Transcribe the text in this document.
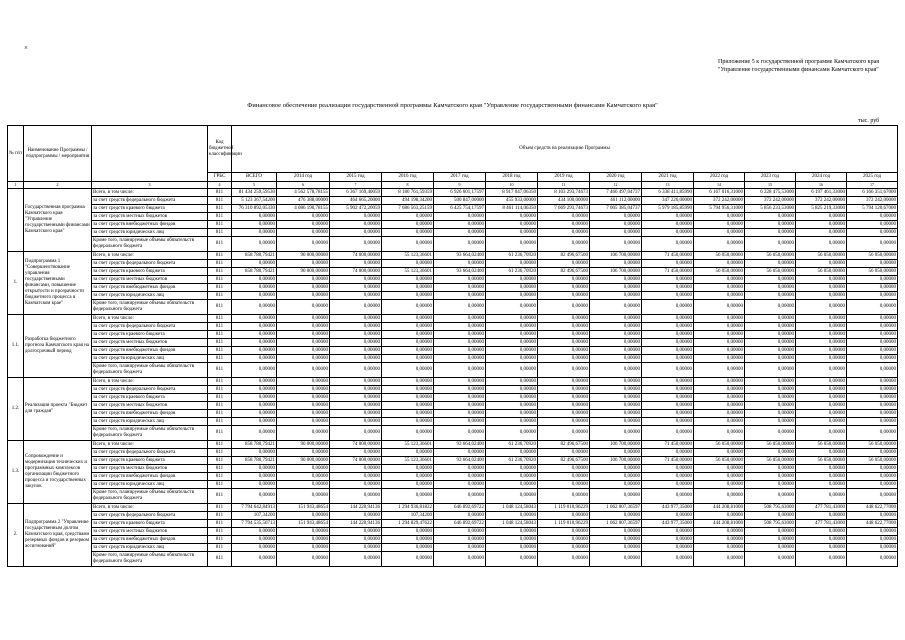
×
Приложение 5 к государственной программе Камчатского края "Управление государственными финансами Камчатского края"
Финансовое обеспечение реализации государственной программы Камчатского края "Управление государственными финансами Камчатского края"
тыс. руб
№ п/п	Наименование Программы / подпрограммы / мероприятия		Код бюджетной классификации	Объем средств на реализацию Программы												
			ГРБС	ВСЕГО	2014 год	2015 год	2016 год	2017 год	2018 год	2019 год	2020 год	2021 год	2022 год	2023 год	2024 год	2025 год
1	2	3	4	5	6	7	8	9	10	11	12	13	14	15	16	17
	Государственная программа Камчатского края "Управление государственными финансами Камчатского края"	Всего, в том числе:	811	81 434 259,59530	4 562 578,78155	6 367 169,40059	8 180 761,59359	6 926 601,17597	8 917 047,06350	8 103 293,74673	7 466 497,04737	6 338 411,85990	6 167 016,31000	6 228 475,53000	6 197 461,33000	6 166 351,67000
		за счет средств федерального бюджета	811	5 123 367,54200	476 388,00000	464 665,20000	494 198,34200	500 847,00000	455 933,00000	434 100,00000	461 112,00000	347 226,00000	372 242,00000	372 242,00000	372 242,00000	372 242,00000
		за счет средств краевого бюджета	811	76 310 892,05330	4 086 190,78155	5 902 472,20059	7 686 563,25159	6 425 754,17597	8 461 114,06350	7 669 293,74673	7 005 385,04737	5 979 185,85990	5 794 956,31000	5 856 233,53000	5 825 219,33000	5 794 120,67000
		за счет средств местных бюджетов	811	0,00000	0,00000	0,00000	0,00000	0,00000	0,00000	0,00000	0,00000	0,00000	0,00000	0,00000	0,00000	0,00000
		за счет средств внебюджетных фондов	811	0,00000	0,00000	0,00000	0,00000	0,00000	0,00000	0,00000	0,00000	0,00000	0,00000	0,00000	0,00000	0,00000
		за счет средств юридических лиц	811	0,00000	0,00000	0,00000	0,00000	0,00000	0,00000	0,00000	0,00000	0,00000	0,00000	0,00000	0,00000	0,00000
		Кроме того, планируемые объемы обязательств федерального бюджета	811	0,00000	0,00000	0,00000	0,00000	0,00000	0,00000	0,00000	0,00000	0,00000	0,00000	0,00000	0,00000	0,00000
1.	Подпрограмма 1 "Совершенствование управления государственными финансами, повышение открытости и прозрачности бюджетного процесса в Камчатском крае"	Всего, в том числе:	811	858 780,79421	90 000,00000	74 000,00000	55 123,36601	93 664,02400	61 236,70920	82 496,67500	106 700,00000	71 450,00000	56 050,00000	56 050,00000	56 050,00000	56 050,00000
		за счет средств федерального бюджета	811	0,00000	0,00000	0,00000	0,00000	0,00000	0,00000	0,00000	0,00000	0,00000	0,00000	0,00000	0,00000	0,00000
		за счет средств краевого бюджета	811	858 780,79421	90 000,00000	74 000,00000	55 123,36601	93 664,02400	61 236,70920	82 496,67500	106 700,00000	71 450,00000	56 050,00000	56 050,00000	56 050,00000	56 050,00000
		за счет средств местных бюджетов	811	0,00000	0,00000	0,00000	0,00000	0,00000	0,00000	0,00000	0,00000	0,00000	0,00000	0,00000	0,00000	0,00000
		за счет средств внебюджетных фондов	811	0,00000	0,00000	0,00000	0,00000	0,00000	0,00000	0,00000	0,00000	0,00000	0,00000	0,00000	0,00000	0,00000
		за счет средств юридических лиц	811	0,00000	0,00000	0,00000	0,00000	0,00000	0,00000	0,00000	0,00000	0,00000	0,00000	0,00000	0,00000	0,00000
		Кроме того, планируемые объемы обязательств федерального бюджета	811	0,00000	0,00000	0,00000	0,00000	0,00000	0,00000	0,00000	0,00000	0,00000	0,00000	0,00000	0,00000	0,00000
1.1.	Разработка бюджетного прогноза Камчатского края на долгосрочный период	Всего, в том числе:	811	0,00000	0,00000	0,00000	0,00000	0,00000	0,00000	0,00000	0,00000	0,00000	0,00000	0,00000	0,00000	0,00000
		за счет средств федерального бюджета	811	0,00000	0,00000	0,00000	0,00000	0,00000	0,00000	0,00000	0,00000	0,00000	0,00000	0,00000	0,00000	0,00000
		за счет средств краевого бюджета	811	0,00000	0,00000	0,00000	0,00000	0,00000	0,00000	0,00000	0,00000	0,00000	0,00000	0,00000	0,00000	0,00000
		за счет средств местных бюджетов	811	0,00000	0,00000	0,00000	0,00000	0,00000	0,00000	0,00000	0,00000	0,00000	0,00000	0,00000	0,00000	0,00000
		за счет средств внебюджетных фондов	811	0,00000	0,00000	0,00000	0,00000	0,00000	0,00000	0,00000	0,00000	0,00000	0,00000	0,00000	0,00000	0,00000
		за счет средств юридических лиц	811	0,00000	0,00000	0,00000	0,00000	0,00000	0,00000	0,00000	0,00000	0,00000	0,00000	0,00000	0,00000	0,00000
		Кроме того, планируемые объемы обязательств федерального бюджета	811	0,00000	0,00000	0,00000	0,00000	0,00000	0,00000	0,00000	0,00000	0,00000	0,00000	0,00000	0,00000	0,00000
1.2.	Реализация проекта "Бюджет для граждан"	Всего, в том числе:	811	0,00000	0,00000	0,00000	0,00000	0,00000	0,00000	0,00000	0,00000	0,00000	0,00000	0,00000	0,00000	0,00000
		за счет средств федерального бюджета	811	0,00000	0,00000	0,00000	0,00000	0,00000	0,00000	0,00000	0,00000	0,00000	0,00000	0,00000	0,00000	0,00000
		за счет средств краевого бюджета	811	0,00000	0,00000	0,00000	0,00000	0,00000	0,00000	0,00000	0,00000	0,00000	0,00000	0,00000	0,00000	0,00000
		за счет средств местных бюджетов	811	0,00000	0,00000	0,00000	0,00000	0,00000	0,00000	0,00000	0,00000	0,00000	0,00000	0,00000	0,00000	0,00000
		за счет средств внебюджетных фондов	811	0,00000	0,00000	0,00000	0,00000	0,00000	0,00000	0,00000	0,00000	0,00000	0,00000	0,00000	0,00000	0,00000
		за счет средств юридических лиц	811	0,00000	0,00000	0,00000	0,00000	0,00000	0,00000	0,00000	0,00000	0,00000	0,00000	0,00000	0,00000	0,00000
		Кроме того, планируемые объемы обязательств федерального бюджета	811	0,00000	0,00000	0,00000	0,00000	0,00000	0,00000	0,00000	0,00000	0,00000	0,00000	0,00000	0,00000	0,00000
1.3.	Сопровождение и модернизация технических и программных комплексов организации бюджетного процесса и государственных закупок	Всего, в том числе:	811	858 780,79421	90 000,00000	74 000,00000	55 123,36601	93 664,02400	61 236,70920	82 496,67500	106 700,00000	71 450,00000	56 050,00000	56 050,00000	56 050,00000	56 050,00000
		за счет средств федерального бюджета	811	0,00000	0,00000	0,00000	0,00000	0,00000	0,00000	0,00000	0,00000	0,00000	0,00000	0,00000	0,00000	0,00000
		за счет средств краевого бюджета	811	858 780,79421	90 000,00000	74 000,00000	55 123,36601	93 664,02400	61 236,70920	82 496,67500	106 700,00000	71 450,00000	56 050,00000	56 050,00000	56 050,00000	56 050,00000
		за счет средств местных бюджетов	811	0,00000	0,00000	0,00000	0,00000	0,00000	0,00000	0,00000	0,00000	0,00000	0,00000	0,00000	0,00000	0,00000
		за счет средств внебюджетных фондов	811	0,00000	0,00000	0,00000	0,00000	0,00000	0,00000	0,00000	0,00000	0,00000	0,00000	0,00000	0,00000	0,00000
		за счет средств юридических лиц	811	0,00000	0,00000	0,00000	0,00000	0,00000	0,00000	0,00000	0,00000	0,00000	0,00000	0,00000	0,00000	0,00000
		Кроме того, планируемые объемы обязательств федерального бюджета	811	0,00000	0,00000	0,00000	0,00000	0,00000	0,00000	0,00000	0,00000	0,00000	0,00000	0,00000	0,00000	0,00000
2.	Подпрограмма 2 "Управление государственным долгом Камчатского края, средствами резервных фондов и резервом ассигнований"	Всего, в том числе:	811	7 794 642,84913	151 943,48654	144 220,94136	1 294 936,81822	646 892,69722	1 048 124,58043	1 119 010,96229	1 062 007,36597	443 977,35000	444 208,81000	508 795,63000	477 781,43000	448 622,77000
		за счет средств федерального бюджета	811	107,34200	0,00000	0,00000	107,34200	0,00000	0,00000	0,00000	0,00000	0,00000	0,00000	0,00000	0,00000	0,00000
		за счет средств краевого бюджета	811	7 794 535,50713	151 943,48654	144 220,94136	1 294 829,47622	646 892,69722	1 048 124,58043	1 119 010,96229	1 062 007,36597	443 977,35000	444 208,81000	508 795,63000	477 781,43000	448 622,77000
		за счет средств местных бюджетов	811	0,00000	0,00000	0,00000	0,00000	0,00000	0,00000	0,00000	0,00000	0,00000	0,00000	0,00000	0,00000	0,00000
		за счет средств внебюджетных фондов	811	0,00000	0,00000	0,00000	0,00000	0,00000	0,00000	0,00000	0,00000	0,00000	0,00000	0,00000	0,00000	0,00000
		за счет средств юридических лиц	811	0,00000	0,00000	0,00000	0,00000	0,00000	0,00000	0,00000	0,00000	0,00000	0,00000	0,00000	0,00000	0,00000
		Кроме того, планируемые объемы обязательств федерального бюджета	811	0,00000	0,00000	0,00000	0,00000	0,00000	0,00000	0,00000	0,00000	0,00000	0,00000	0,00000	0,00000	0,00000
